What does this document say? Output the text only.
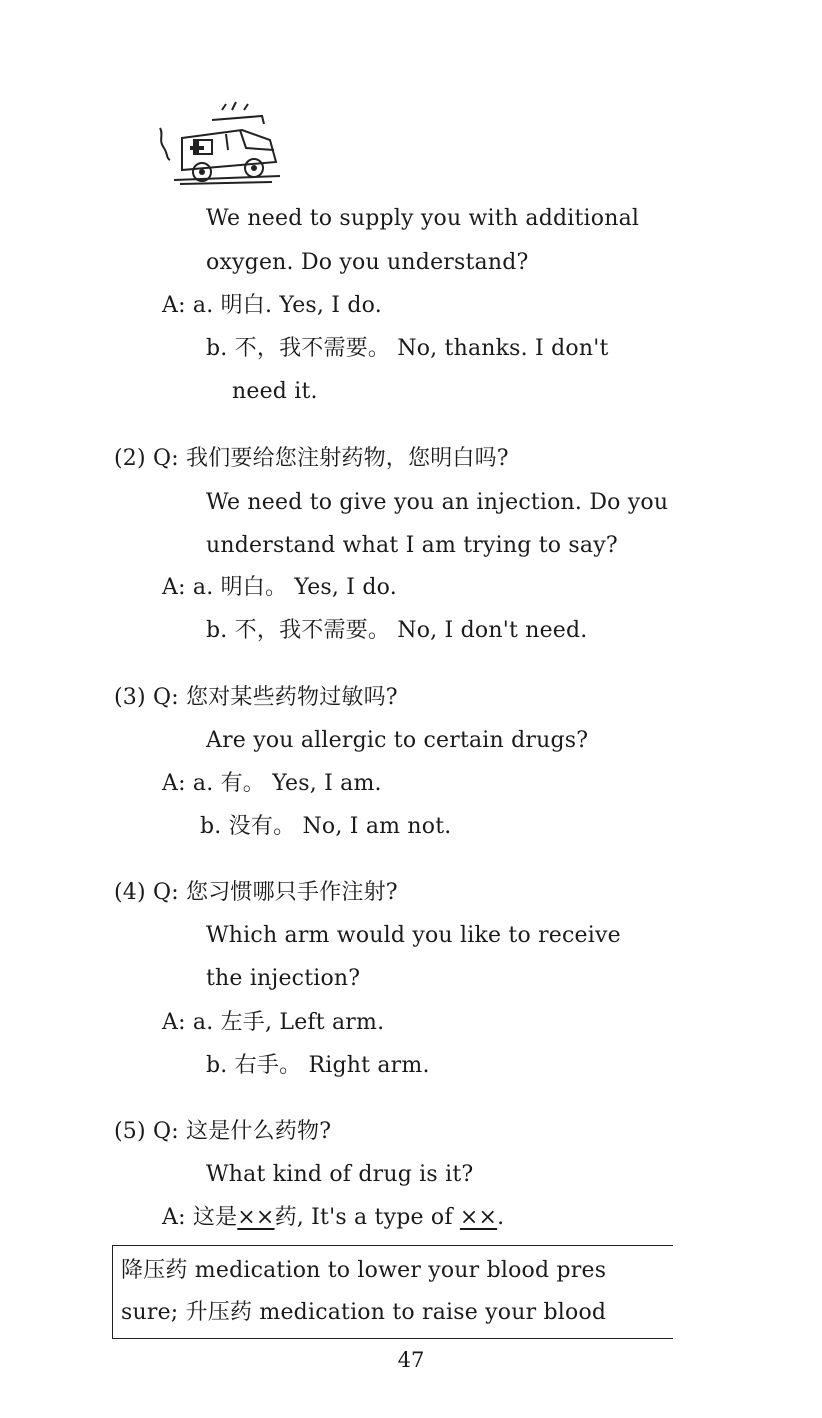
We need to supply you with additional
oxygen. Do you understand?
A: a. 明白. Yes, I do.
b. 不，我不需要。 No, thanks. I don't
need it.
(2) Q: 我们要给您注射药物，您明白吗?
We need to give you an injection. Do you
understand what I am trying to say?
A: a. 明白。 Yes, I do.
b. 不，我不需要。 No, I don't need.
(3) Q: 您对某些药物过敏吗?
Are you allergic to certain drugs?
A: a. 有。 Yes, I am.
b. 没有。 No, I am not.
(4) Q: 您习惯哪只手作注射?
Which arm would you like to receive
the injection?
A: a. 左手, Left arm.
b. 右手。 Right arm.
(5) Q: 这是什么药物?
What kind of drug is it?
A: 这是××药, It's a type of ××.
降压药 medication to lower your blood pres
sure; 升压药 medication to raise your blood
47
